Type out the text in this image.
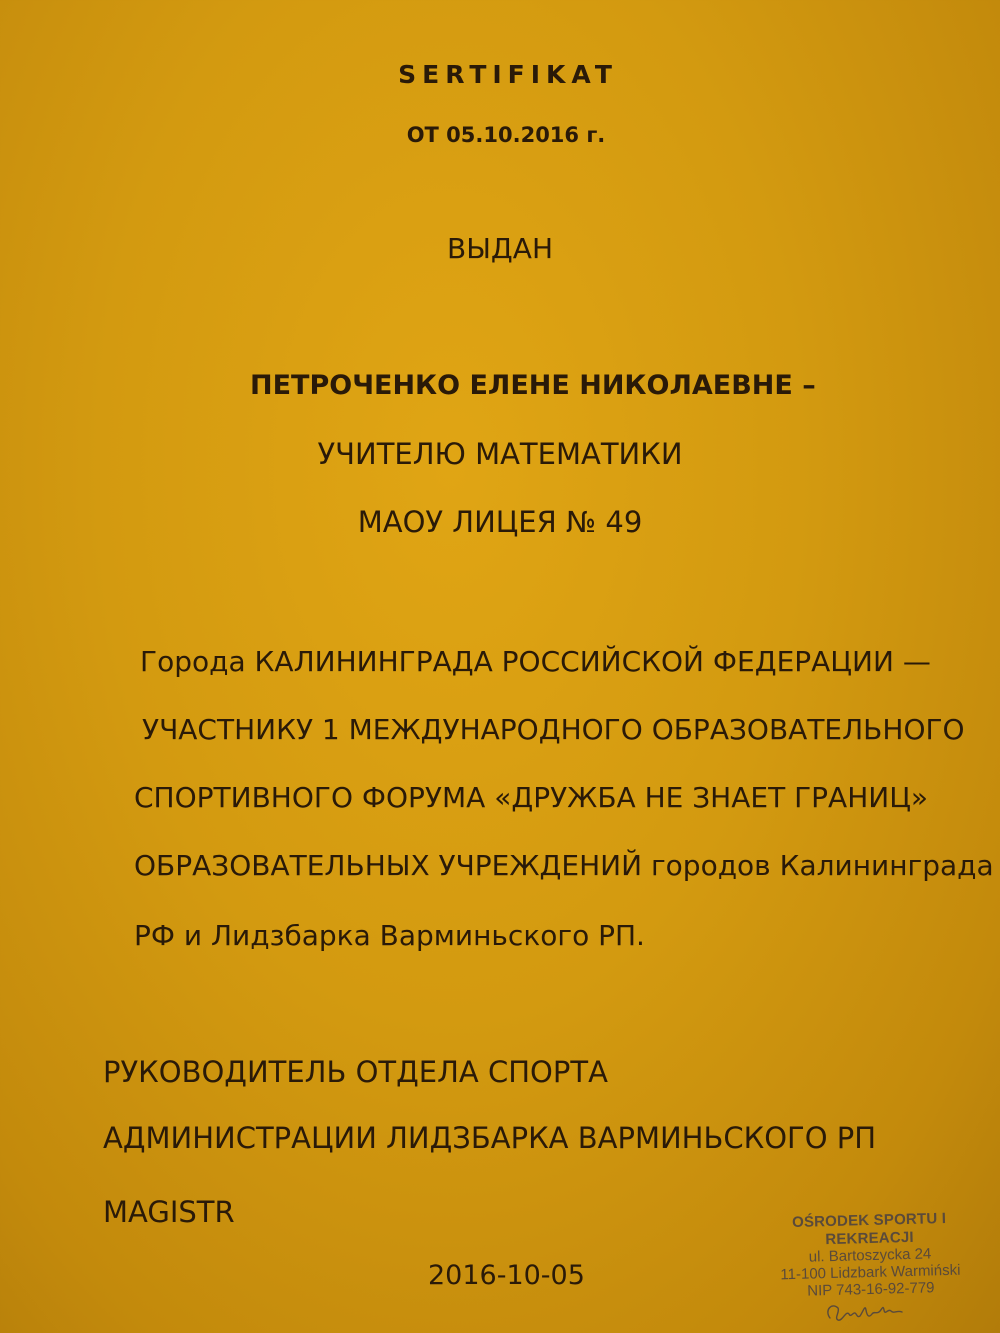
SERTIFIKAT
ОТ 05.10.2016 г.
ВЫДАН
ПЕТРОЧЕНКО ЕЛЕНЕ НИКОЛАЕВНЕ –
УЧИТЕЛЮ МАТЕМАТИКИ
МАОУ ЛИЦЕЯ № 49
Города КАЛИНИНГРАДА РОССИЙСКОЙ ФЕДЕРАЦИИ —
УЧАСТНИКУ 1 МЕЖДУНАРОДНОГО ОБРАЗОВАТЕЛЬНОГО
СПОРТИВНОГО ФОРУМА «ДРУЖБА НЕ ЗНАЕТ ГРАНИЦ»
ОБРАЗОВАТЕЛЬНЫХ УЧРЕЖДЕНИЙ городов Калининграда
РФ и Лидзбарка Варминьского РП.
РУКОВОДИТЕЛЬ ОТДЕЛА СПОРТА
АДМИНИСТРАЦИИ ЛИДЗБАРКА ВАРМИНЬСКОГО РП
MAGISTR
2016-10-05
OŚRODEK SPORTU I REKREACJI
ul. Bartoszycka 24
11-100 Lidzbark Warmiński
NIP 743-16-92-779
